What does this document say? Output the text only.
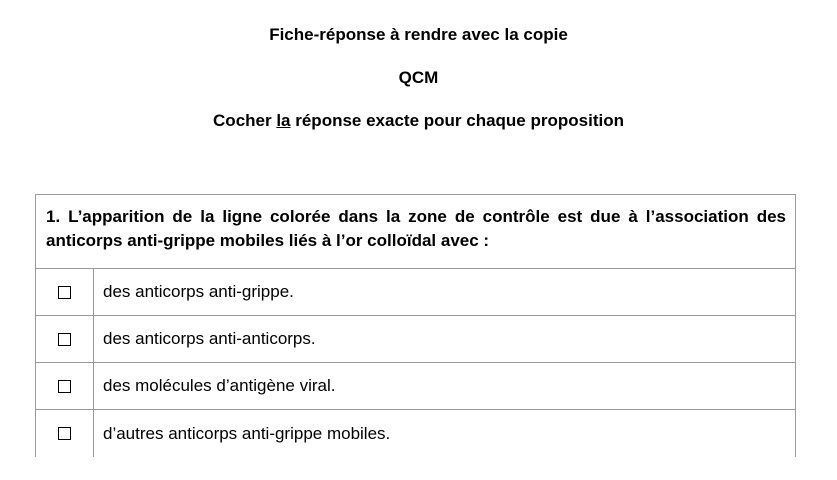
Fiche-réponse à rendre avec la copie
QCM
Cocher la réponse exacte pour chaque proposition
1. L’apparition de la ligne colorée dans la zone de contrôle est due à l’association des anticorps anti-grippe mobiles liés à l’or colloïdal avec :
des anticorps anti-grippe.
des anticorps anti-anticorps.
des molécules d’antigène viral.
d’autres anticorps anti-grippe mobiles.
